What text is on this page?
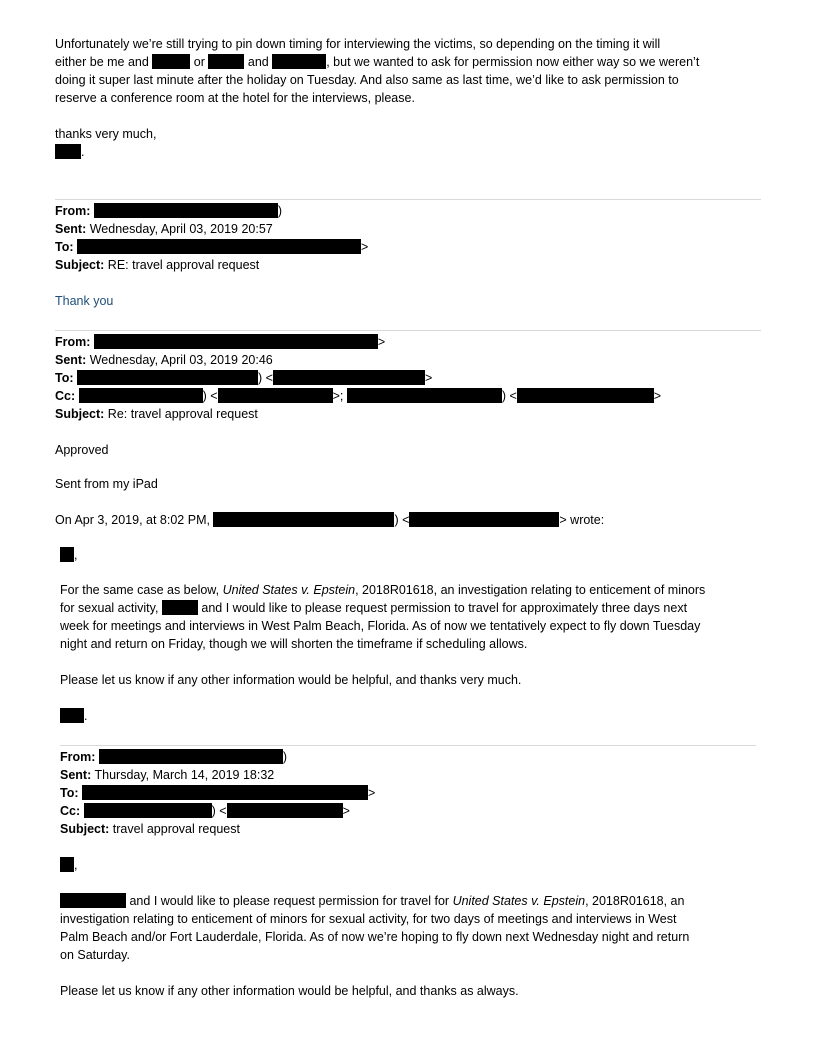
Unfortunately we’re still trying to pin down timing for interviewing the victims, so depending on the timing it will
either be me and	or	and	, but we wanted to ask for permission now either way so we weren’t
doing it super last minute after the holiday on Tuesday. And also same as last time, we’d like to ask permission to
reserve a conference room at the hotel for the interviews, please.
thanks very much,
.
From:	)
Sent: Wednesday, April 03, 2019 20:57
To:	>
Subject: RE: travel approval request
Thank you
From:	>
Sent: Wednesday, April 03, 2019 20:46
To:	) <	>
Cc:	) <	>;	) <	>
Subject: Re: travel approval request
Approved
Sent from my iPad
On Apr 3, 2019, at 8:02 PM,	) <	> wrote:
,
For the same case as below, United States v. Epstein, 2018R01618, an investigation relating to enticement of minors
for sexual activity,	and I would like to please request permission to travel for approximately three days next
week for meetings and interviews in West Palm Beach, Florida. As of now we tentatively expect to fly down Tuesday
night and return on Friday, though we will shorten the timeframe if scheduling allows.
Please let us know if any other information would be helpful, and thanks very much.
.
From:	)
Sent: Thursday, March 14, 2019 18:32
To:	>
Cc:	) <	>
Subject: travel approval request
,
and I would like to please request permission for travel for United States v. Epstein, 2018R01618, an
investigation relating to enticement of minors for sexual activity, for two days of meetings and interviews in West
Palm Beach and/or Fort Lauderdale, Florida. As of now we’re hoping to fly down next Wednesday night and return
on Saturday.
Please let us know if any other information would be helpful, and thanks as always.
